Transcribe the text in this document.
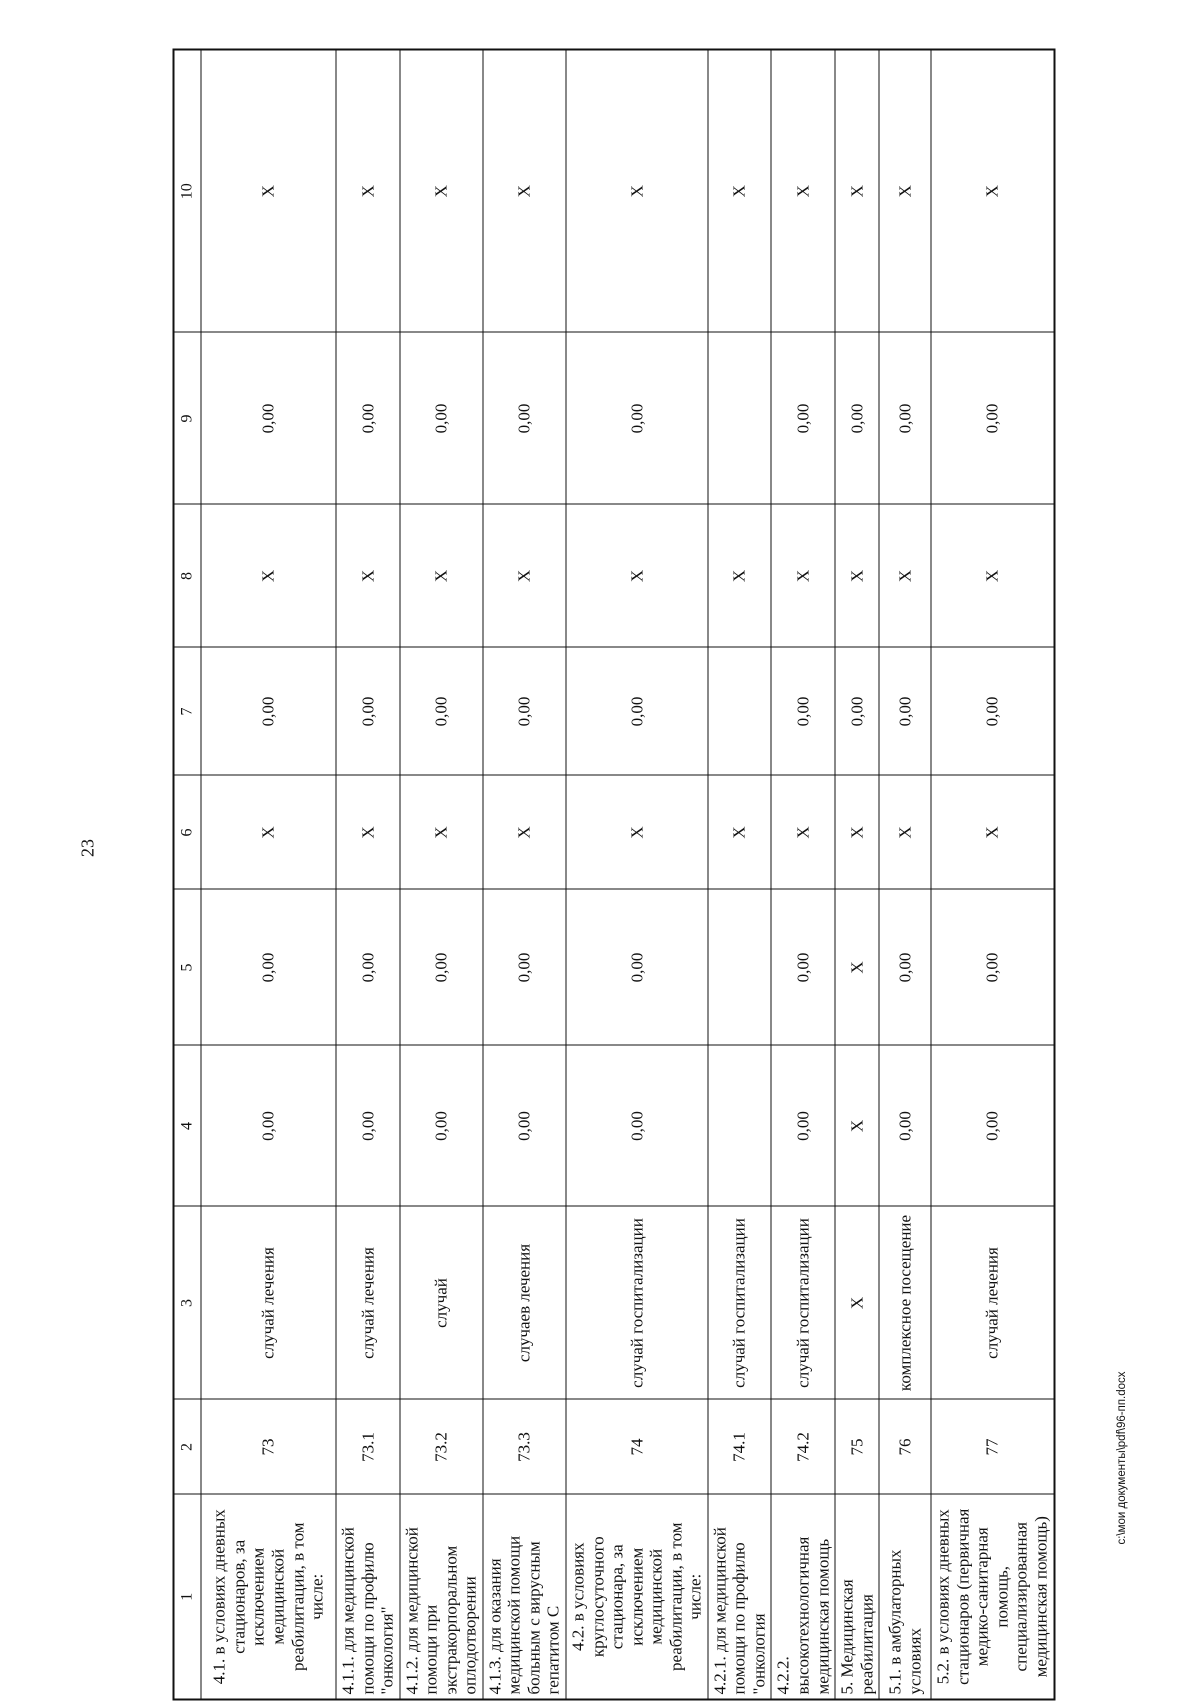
23
1	2	3	4	5	6	7	8	9	10
4.1. в условиях дневных стационаров, за исключением медицинской реабилитации, в том числе:	73	случай лечения	0,00	0,00	Х	0,00	Х	0,00	Х
4.1.1. для медицинской помощи по профилю "онкология"	73.1	случай лечения	0,00	0,00	Х	0,00	Х	0,00	Х
4.1.2. для медицинской помощи при экстракорпоральном оплодотворении	73.2	случай	0,00	0,00	Х	0,00	Х	0,00	Х
4.1.3. для оказания медицинской помощи больным с вирусным гепатитом С	73.3	случаев лечения	0,00	0,00	Х	0,00	Х	0,00	Х
4.2. в условиях круглосуточного стационара, за исключением медицинской реабилитации, в том числе:	74	случай госпитализации	0,00	0,00	Х	0,00	Х	0,00	Х
4.2.1. для медицинской помощи по профилю "онкология	74.1	случай госпитализации			Х		Х		Х
4.2.2. высокотехнологичная медицинская помощь	74.2	случай госпитализации	0,00	0,00	Х	0,00	Х	0,00	Х
5. Медицинская реабилитация	75	Х	Х	Х	Х	0,00	Х	0,00	Х
5.1. в амбулаторных условиях	76	комплексное посещение	0,00	0,00	Х	0,00	Х	0,00	Х
5.2. в условиях дневных стационаров (первичная медико-санитарная помощь, специализированная медицинская помощь)	77	случай лечения	0,00	0,00	Х	0,00	Х	0,00	Х
c:\мои документы\pdf\96-пп.docx
